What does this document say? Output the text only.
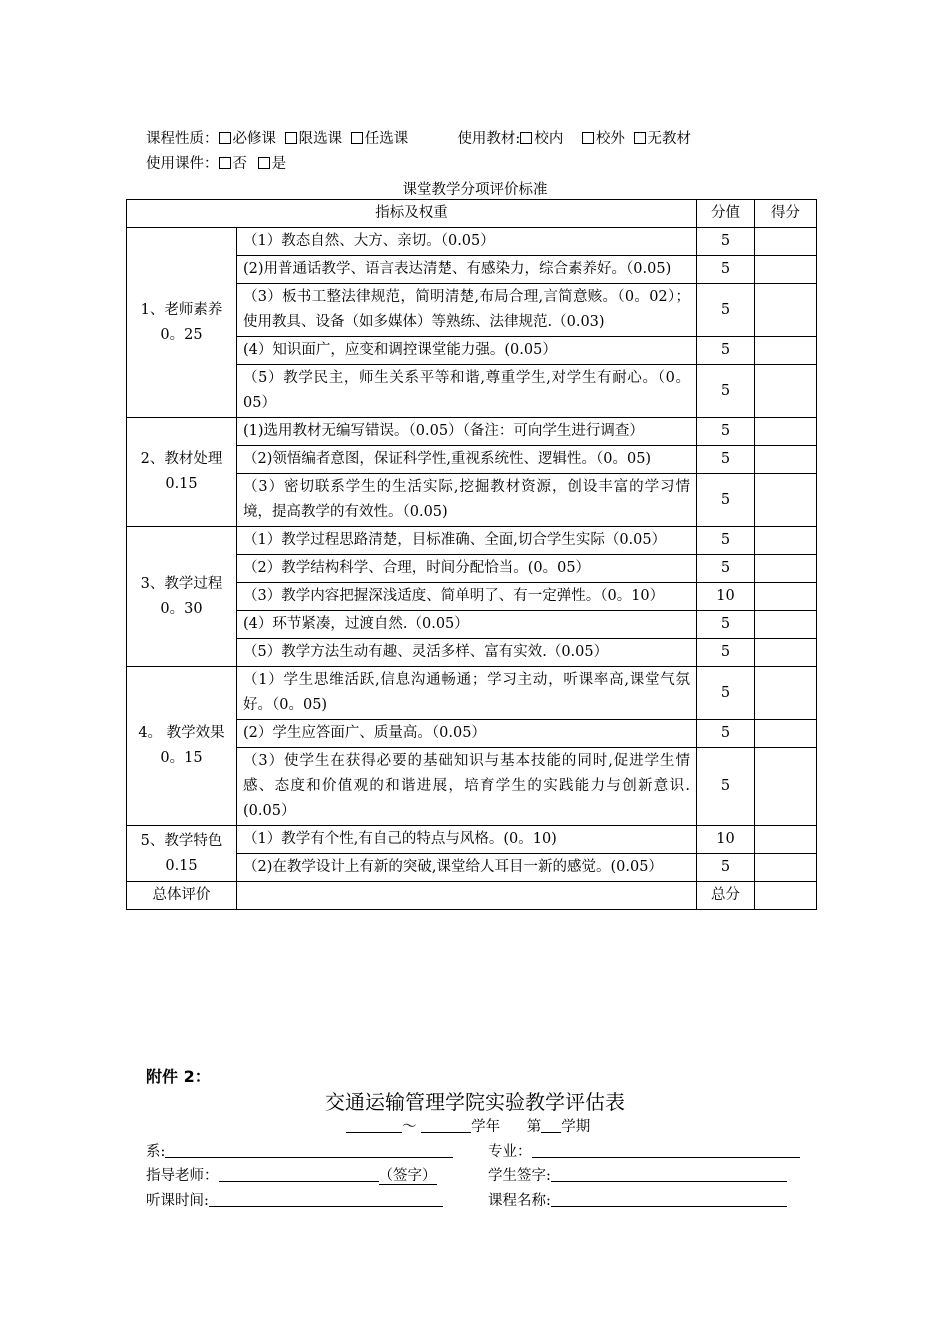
课程性质： 必修课 限选课 任选课	使用教材: 校内 校外 无教材
使用课件： 否 是
课堂教学分项评价标准
指标及权重		分值	得分

1、老师素养
0。25	（1）教态自然、大方、亲切。（0.05）	5	
	(2)用普通话教学、语言表达清楚、有感染力，综合素养好。（0.05)	5	
	（3）板书工整法律规范，简明清楚,布局合理,言简意赅。（0。02）；使用教具、设备（如多媒体）等熟练、法律规范.（0.03)	5	
	(4）知识面广，应变和调控课堂能力强。(0.05）	5	
	（5）教学民主，师生关系平等和谐,尊重学生,对学生有耐心。（0。05）	5	

2、教材处理
0.15	(1)选用教材无编写错误。（0.05）（备注：可向学生进行调查）	5	
	（2)领悟编者意图，保证科学性,重视系统性、逻辑性。（0。05)	5	
	（3）密切联系学生的生活实际,挖掘教材资源，创设丰富的学习情境，提高教学的有效性。（0.05)	5	

3、教学过程
0。30	（1）教学过程思路清楚，目标准确、全面,切合学生实际（0.05）	5	
	（2）教学结构科学、合理，时间分配恰当。(0。05）	5	
	（3）教学内容把握深浅适度、简单明了、有一定弹性。（0。10）	10	
	(4）环节紧凑，过渡自然.（0.05）	5	
	（5）教学方法生动有趣、灵活多样、富有实效.（0.05）	5	

4。 教学效果
0。15	（1）学生思维活跃,信息沟通畅通；学习主动，听课率高,课堂气氛好。（0。05)	5	
	(2）学生应答面广、质量高。（0.05）	5	
	（3）使学生在获得必要的基础知识与基本技能的同时,促进学生情感、态度和价值观的和谐进展，培育学生的实践能力与创新意识.(0.05）	5	

5、教学特色
0.15	（1）教学有个性,有自己的特点与风格。(0。10)	10	
	（2)在教学设计上有新的突破,课堂给人耳目一新的感觉。(0.05）	5	
总体评价		总分	
附件 2：
交通运输管理学院实验教学评估表
～	学年 第 学期
系:	专业：
指导老师：	（签字）	学生签字:
听课时间:	课程名称:
